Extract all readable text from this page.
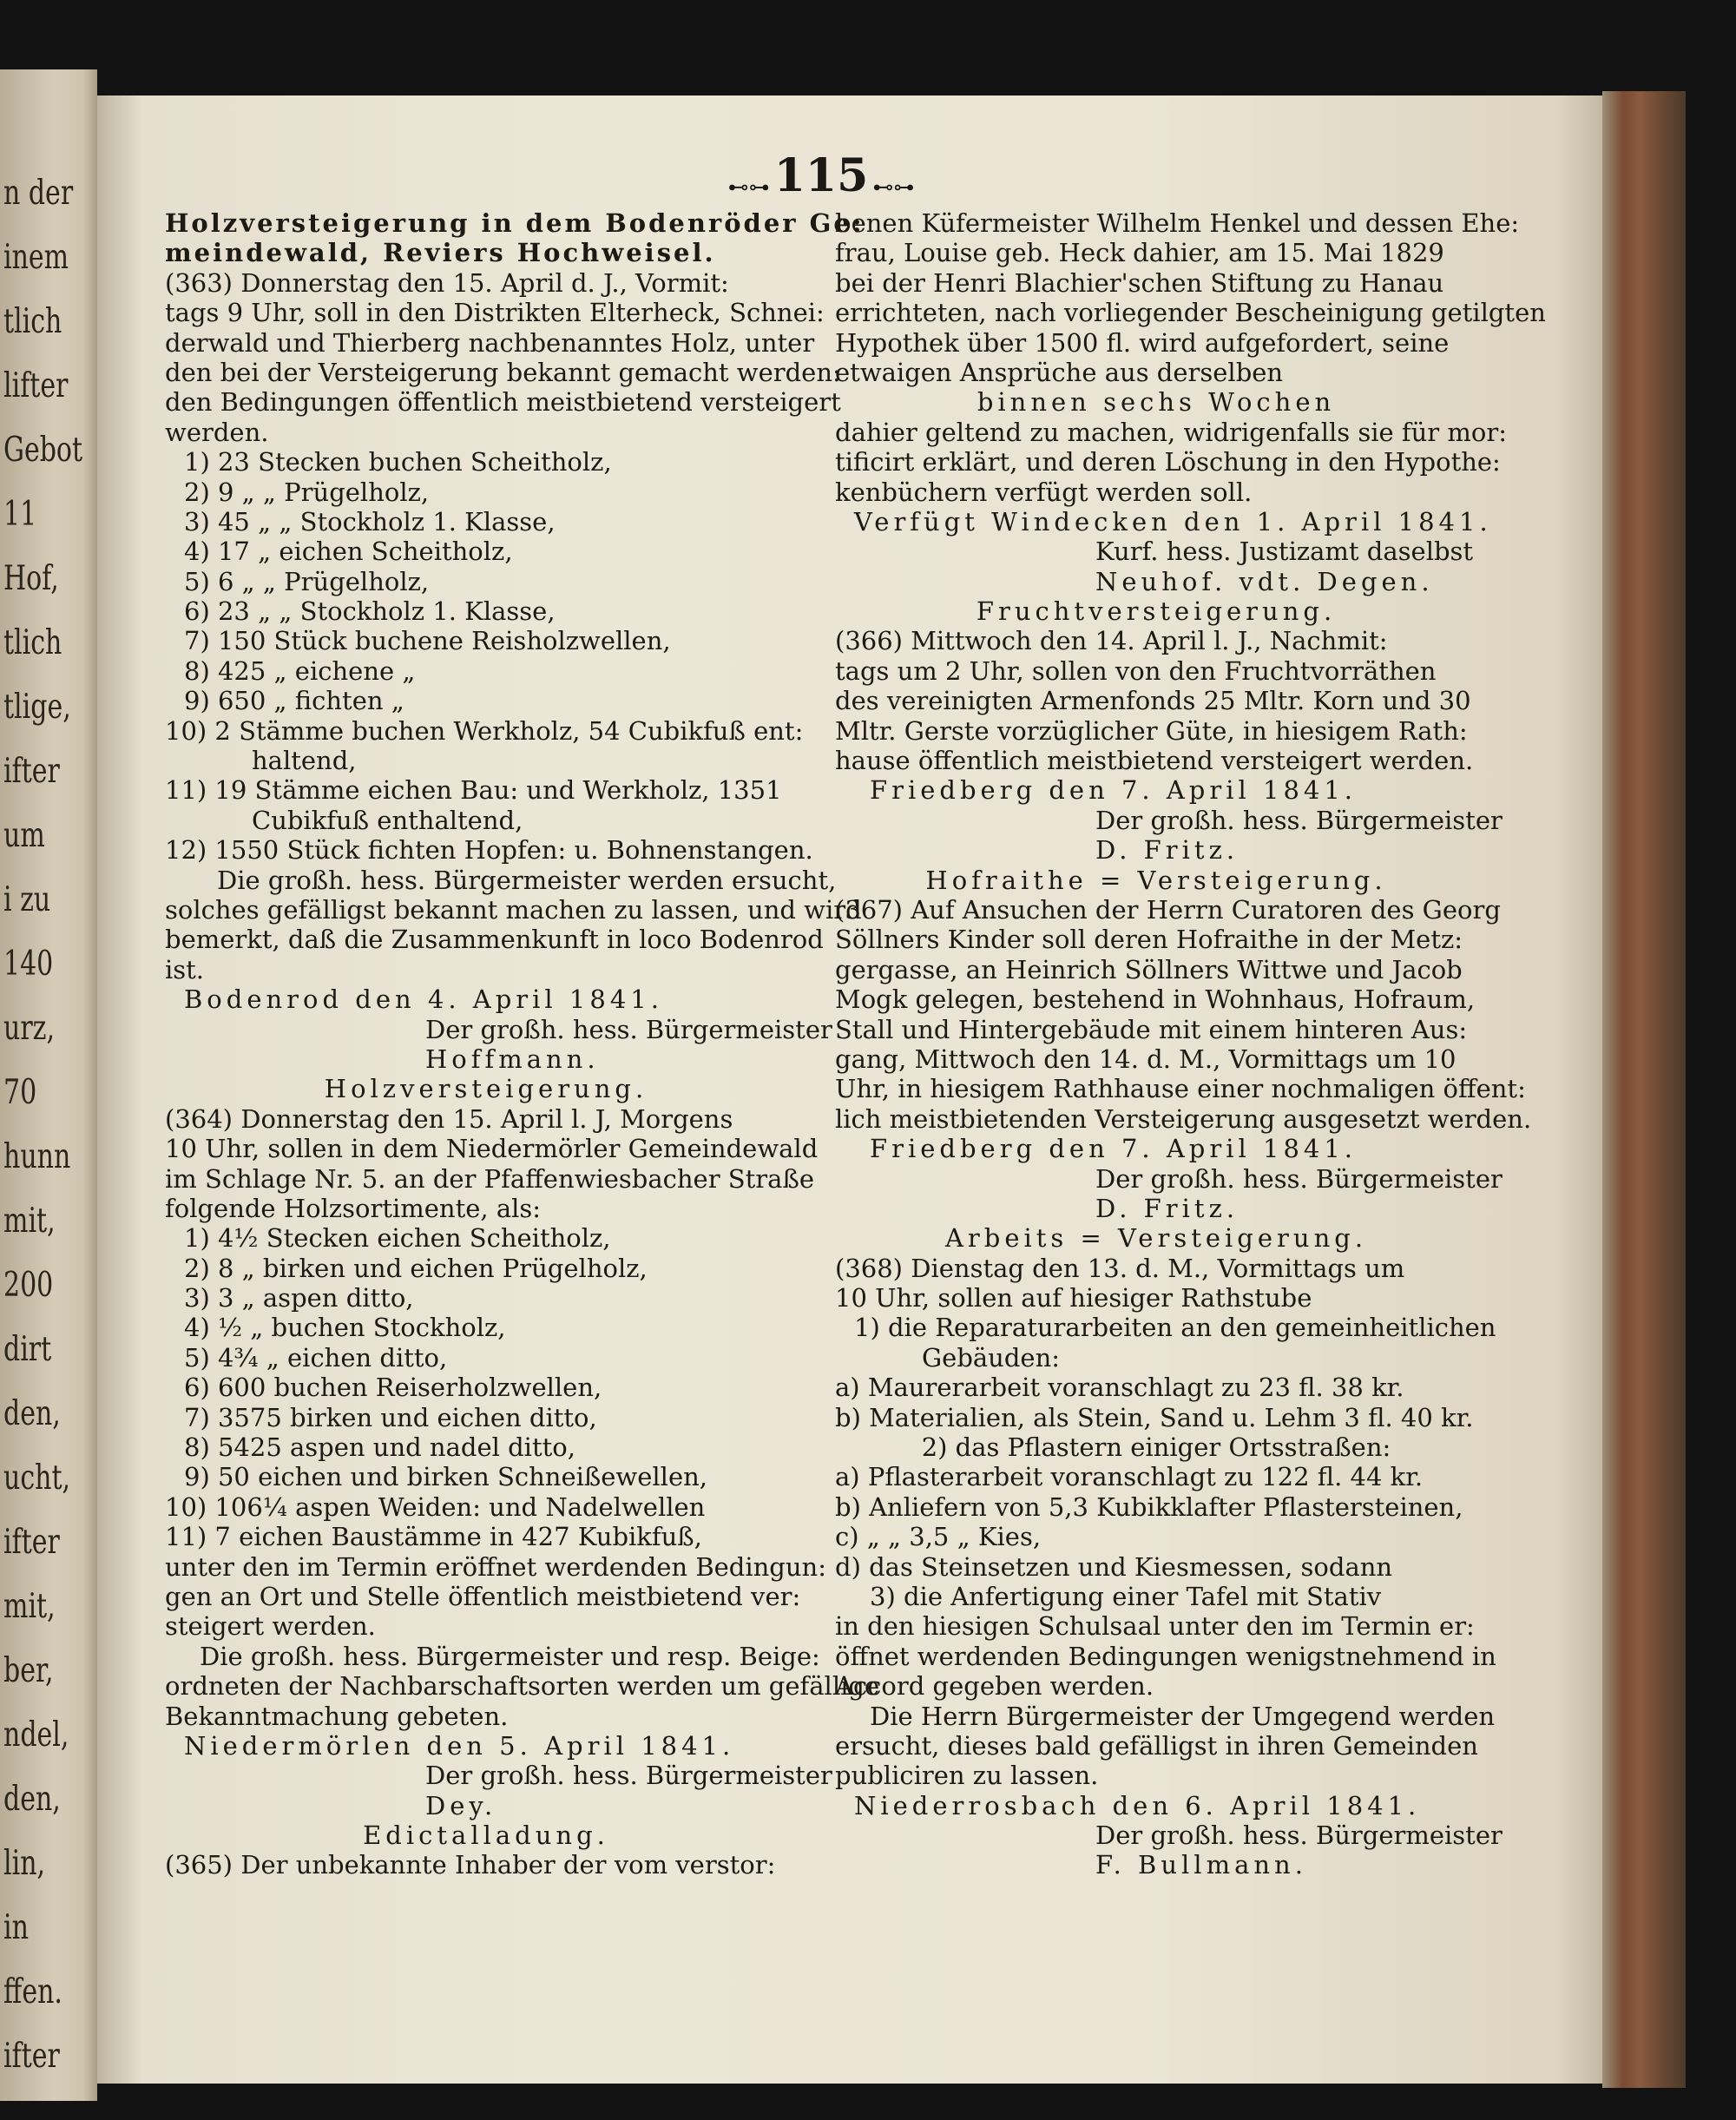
n der
inem
tlich
lifter
Gebot
11
Hof,
tlich
tlige,
ifter
um
i zu
140
urz,
70
hunn
mit,
200
dirt
den,
ucht,
ifter
mit,
ber,
ndel,
den,
lin,
in
ffen.
ifter
⊷⊶ 115 ⊷⊶
Holzversteigerung in dem Bodenröder Ge:
meindewald, Reviers Hochweisel.
(363) Donnerstag den 15. April d. J., Vormit:
tags 9 Uhr, soll in den Distrikten Elterheck, Schnei:
derwald und Thierberg nachbenanntes Holz, unter
den bei der Versteigerung bekannt gemacht werden:
den Bedingungen öffentlich meistbietend versteigert
werden.
1) 23 Stecken buchen Scheitholz,
2) 9 „ „ Prügelholz,
3) 45 „ „ Stockholz 1. Klasse,
4) 17 „ eichen Scheitholz,
5) 6 „ „ Prügelholz,
6) 23 „ „ Stockholz 1. Klasse,
7) 150 Stück buchene Reisholzwellen,
8) 425 „ eichene „
9) 650 „ fichten „
10) 2 Stämme buchen Werkholz, 54 Cubikfuß ent:
haltend,
11) 19 Stämme eichen Bau: und Werkholz, 1351
Cubikfuß enthaltend,
12) 1550 Stück fichten Hopfen: u. Bohnenstangen.
Die großh. hess. Bürgermeister werden ersucht,
solches gefälligst bekannt machen zu lassen, und wird
bemerkt, daß die Zusammenkunft in loco Bodenrod
ist.
Bodenrod den 4. April 1841.
Der großh. hess. Bürgermeister
Hoffmann.
Holzversteigerung.
(364) Donnerstag den 15. April l. J, Morgens
10 Uhr, sollen in dem Niedermörler Gemeindewald
im Schlage Nr. 5. an der Pfaffenwiesbacher Straße
folgende Holzsortimente, als:
1) 4½ Stecken eichen Scheitholz,
2) 8 „ birken und eichen Prügelholz,
3) 3 „ aspen ditto,
4) ½ „ buchen Stockholz,
5) 4¾ „ eichen ditto,
6) 600 buchen Reiserholzwellen,
7) 3575 birken und eichen ditto,
8) 5425 aspen und nadel ditto,
9) 50 eichen und birken Schneißewellen,
10) 106¼ aspen Weiden: und Nadelwellen
11) 7 eichen Baustämme in 427 Kubikfuß,
unter den im Termin eröffnet werdenden Bedingun:
gen an Ort und Stelle öffentlich meistbietend ver:
steigert werden.
Die großh. hess. Bürgermeister und resp. Beige:
ordneten der Nachbarschaftsorten werden um gefällige
Bekanntmachung gebeten.
Niedermörlen den 5. April 1841.
Der großh. hess. Bürgermeister
Dey.
Edictalladung.
(365) Der unbekannte Inhaber der vom verstor:
benen Küfermeister Wilhelm Henkel und dessen Ehe:
frau, Louise geb. Heck dahier, am 15. Mai 1829
bei der Henri Blachier'schen Stiftung zu Hanau
errichteten, nach vorliegender Bescheinigung getilgten
Hypothek über 1500 fl. wird aufgefordert, seine
etwaigen Ansprüche aus derselben
binnen sechs Wochen
dahier geltend zu machen, widrigenfalls sie für mor:
tificirt erklärt, und deren Löschung in den Hypothe:
kenbüchern verfügt werden soll.
Verfügt Windecken den 1. April 1841.
Kurf. hess. Justizamt daselbst
Neuhof. vdt. Degen.
Fruchtversteigerung.
(366) Mittwoch den 14. April l. J., Nachmit:
tags um 2 Uhr, sollen von den Fruchtvorräthen
des vereinigten Armenfonds 25 Mltr. Korn und 30
Mltr. Gerste vorzüglicher Güte, in hiesigem Rath:
hause öffentlich meistbietend versteigert werden.
Friedberg den 7. April 1841.
Der großh. hess. Bürgermeister
D. Fritz.
Hofraithe = Versteigerung.
(367) Auf Ansuchen der Herrn Curatoren des Georg
Söllners Kinder soll deren Hofraithe in der Metz:
gergasse, an Heinrich Söllners Wittwe und Jacob
Mogk gelegen, bestehend in Wohnhaus, Hofraum,
Stall und Hintergebäude mit einem hinteren Aus:
gang, Mittwoch den 14. d. M., Vormittags um 10
Uhr, in hiesigem Rathhause einer nochmaligen öffent:
lich meistbietenden Versteigerung ausgesetzt werden.
Friedberg den 7. April 1841.
Der großh. hess. Bürgermeister
D. Fritz.
Arbeits = Versteigerung.
(368) Dienstag den 13. d. M., Vormittags um
10 Uhr, sollen auf hiesiger Rathstube
1) die Reparaturarbeiten an den gemeinheitlichen
Gebäuden:
a) Maurerarbeit voranschlagt zu 23 fl. 38 kr.
b) Materialien, als Stein, Sand u. Lehm 3 fl. 40 kr.
2) das Pflastern einiger Ortsstraßen:
a) Pflasterarbeit voranschlagt zu 122 fl. 44 kr.
b) Anliefern von 5,3 Kubikklafter Pflastersteinen,
c) „ „ 3,5 „ Kies,
d) das Steinsetzen und Kiesmessen, sodann
3) die Anfertigung einer Tafel mit Stativ
in den hiesigen Schulsaal unter den im Termin er:
öffnet werdenden Bedingungen wenigstnehmend in
Accord gegeben werden.
Die Herrn Bürgermeister der Umgegend werden
ersucht, dieses bald gefälligst in ihren Gemeinden
publiciren zu lassen.
Niederrosbach den 6. April 1841.
Der großh. hess. Bürgermeister
F. Bullmann.
